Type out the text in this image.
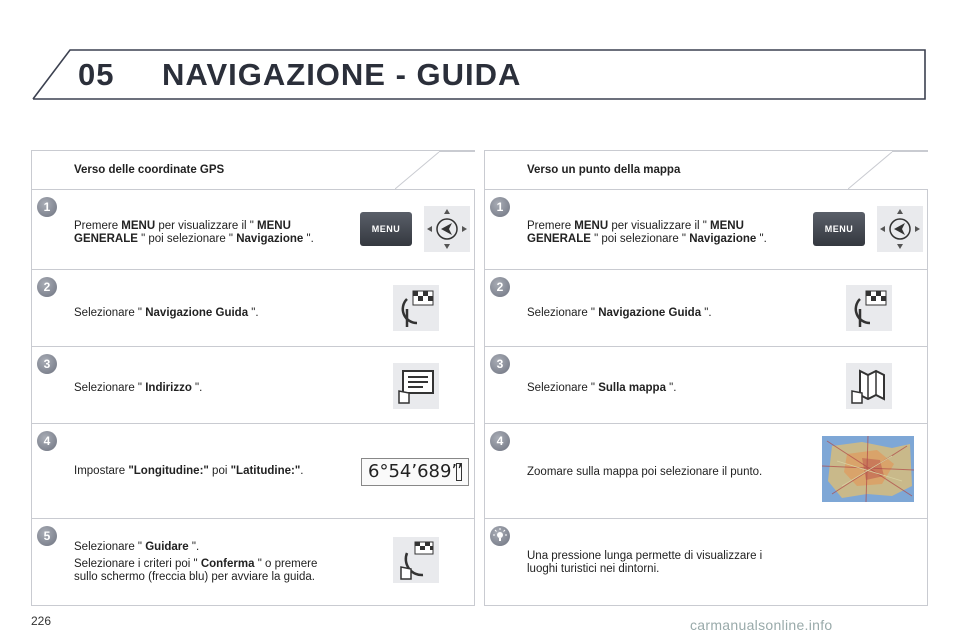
05 NAVIGAZIONE - GUIDA
Verso delle coordinate GPS
1
Premere MENU per visualizzare il " MENU
GENERALE " poi selezionare " Navigazione ".
MENU
2
Selezionare " Navigazione Guida ".
3
Selezionare " Indirizzo ".
4
Impostare "Longitudine:" poi "Latitudine:".	6°54’689’’
5
Selezionare " Guidare ".
Selezionare i criteri poi " Conferma " o premere
sullo schermo (freccia blu) per avviare la guida.
Verso un punto della mappa
1
Premere MENU per visualizzare il " MENU
GENERALE " poi selezionare " Navigazione ".
MENU
2
Selezionare " Navigazione Guida ".
3
Selezionare " Sulla mappa ".
4
Zoomare sulla mappa poi selezionare il punto.
Una pressione lunga permette di visualizzare i
luoghi turistici nei dintorni.
226	carmanualsonline.info
